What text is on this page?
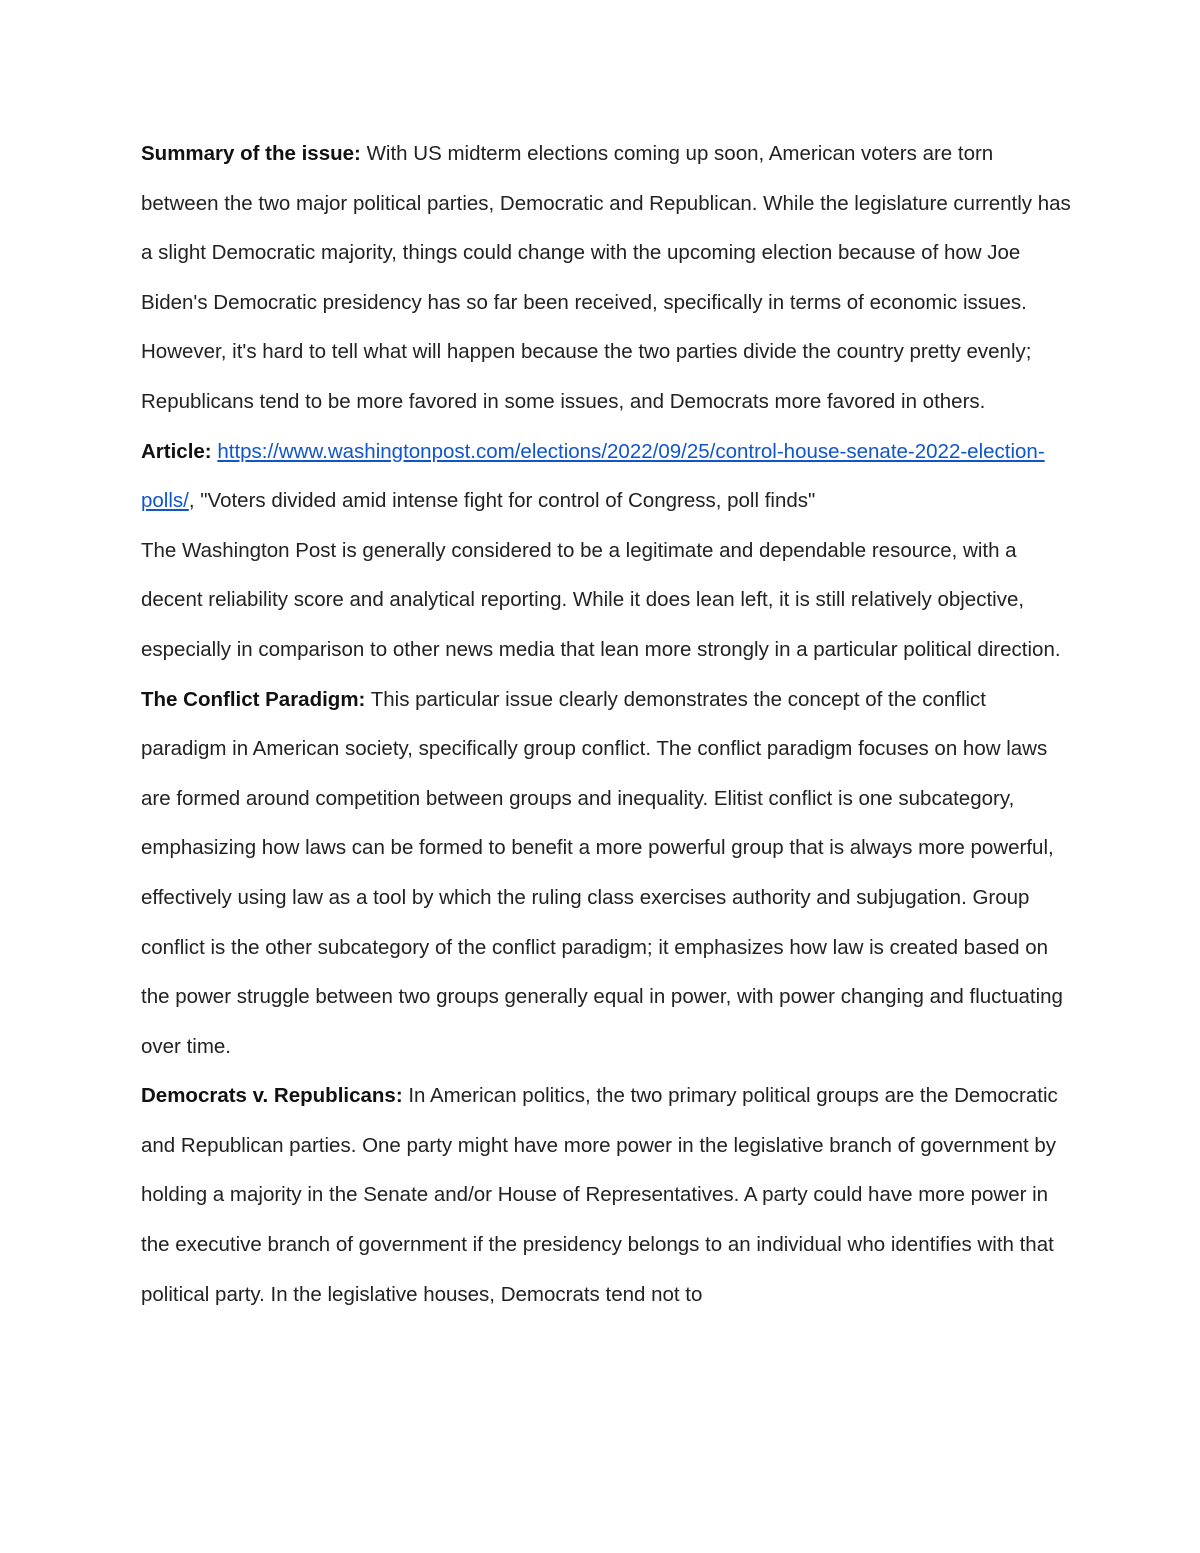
Summary of the issue: With US midterm elections coming up soon, American voters are torn between the two major political parties, Democratic and Republican. While the legislature currently has a slight Democratic majority, things could change with the upcoming election because of how Joe Biden's Democratic presidency has so far been received, specifically in terms of economic issues. However, it's hard to tell what will happen because the two parties divide the country pretty evenly; Republicans tend to be more favored in some issues, and Democrats more favored in others.

Article: https://www.washingtonpost.com/elections/2022/09/25/control-house-senate-2022-election-polls/, "Voters divided amid intense fight for control of Congress, poll finds"

The Washington Post is generally considered to be a legitimate and dependable resource, with a decent reliability score and analytical reporting. While it does lean left, it is still relatively objective, especially in comparison to other news media that lean more strongly in a particular political direction.

The Conflict Paradigm: This particular issue clearly demonstrates the concept of the conflict paradigm in American society, specifically group conflict. The conflict paradigm focuses on how laws are formed around competition between groups and inequality. Elitist conflict is one subcategory, emphasizing how laws can be formed to benefit a more powerful group that is always more powerful, effectively using law as a tool by which the ruling class exercises authority and subjugation. Group conflict is the other subcategory of the conflict paradigm; it emphasizes how law is created based on the power struggle between two groups generally equal in power, with power changing and fluctuating over time.

Democrats v. Republicans: In American politics, the two primary political groups are the Democratic and Republican parties. One party might have more power in the legislative branch of government by holding a majority in the Senate and/or House of Representatives. A party could have more power in the executive branch of government if the presidency belongs to an individual who identifies with that political party. In the legislative houses, Democrats tend not to
